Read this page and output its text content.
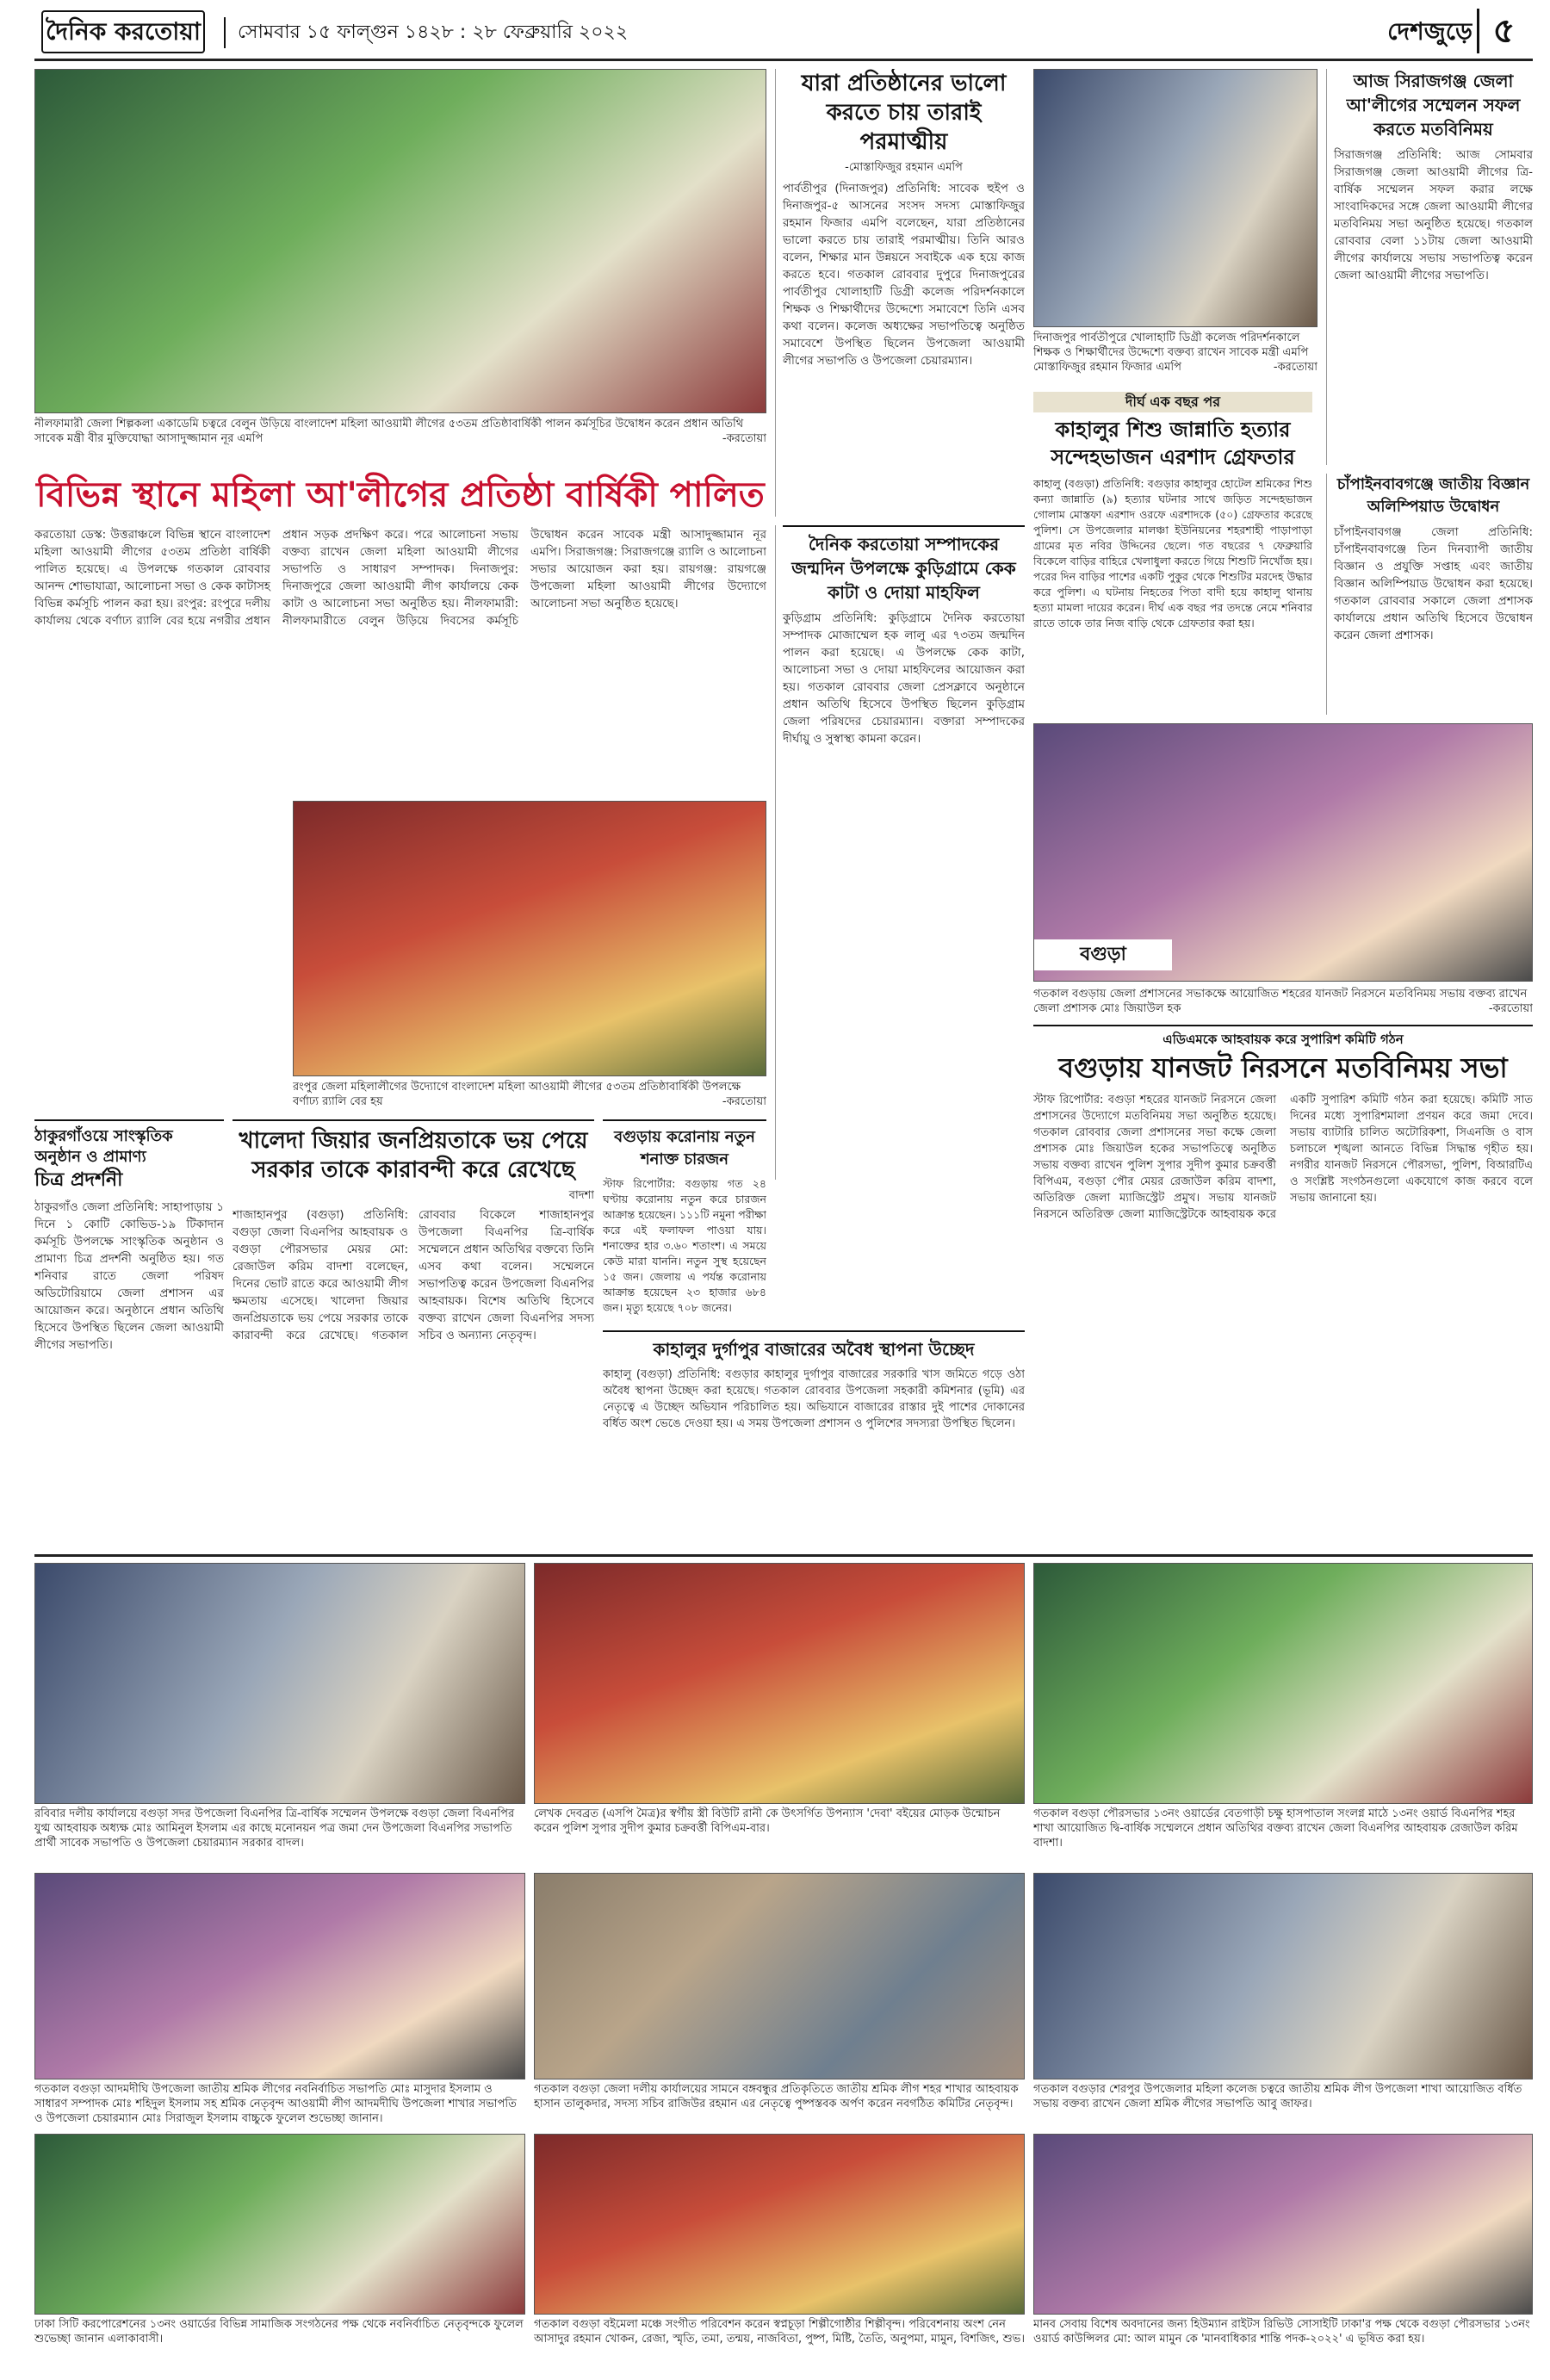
দৈনিক করতোয়া	সোমবার ১৫ ফাল্গুন ১৪২৮ : ২৮ ফেব্রুয়ারি ২০২২	দেশজুড়ে ৫
নীলফামারী জেলা শিল্পকলা একাডেমি চত্বরে বেলুন উড়িয়ে বাংলাদেশ মহিলা আওয়ামী লীগের ৫৩তম প্রতিষ্ঠাবার্ষিকী পালন কর্মসূচির উদ্বোধন করেন প্রধান অতিথি সাবেক মন্ত্রী বীর মুক্তিযোদ্ধা আসাদুজ্জামান নূর এমপি	-করতোয়া
যারা প্রতিষ্ঠানের ভালো করতে চায় তারাই পরমাত্মীয়
-মোস্তাফিজুর রহমান এমপি
পার্বতীপুর (দিনাজপুর) প্রতিনিধি: সাবেক হুইপ ও দিনাজপুর-৫ আসনের সংসদ সদস্য মোস্তাফিজুর রহমান ফিজার এমপি বলেছেন, যারা প্রতিষ্ঠানের ভালো করতে চায় তারাই পরমাত্মীয়। তিনি আরও বলেন, শিক্ষার মান উন্নয়নে সবাইকে এক হয়ে কাজ করতে হবে। গতকাল রোববার দুপুরে দিনাজপুরের পার্বতীপুর খোলাহাটি ডিগ্রী কলেজ পরিদর্শনকালে শিক্ষক ও শিক্ষার্থীদের উদ্দেশ্যে সমাবেশে তিনি এসব কথা বলেন। কলেজ অধ্যক্ষের সভাপতিত্বে অনুষ্ঠিত সমাবেশে উপস্থিত ছিলেন উপজেলা আওয়ামী লীগের সভাপতি ও উপজেলা চেয়ারম্যান।
দৈনিক করতোয়া সম্পাদকের জন্মদিন উপলক্ষে কুড়িগ্রামে কেক কাটা ও দোয়া মাহফিল
কুড়িগ্রাম প্রতিনিধি: কুড়িগ্রামে দৈনিক করতোয়া সম্পাদক মোজাম্মেল হক লালু এর ৭৩তম জন্মদিন পালন করা হয়েছে। এ উপলক্ষে কেক কাটা, আলোচনা সভা ও দোয়া মাহফিলের আয়োজন করা হয়। গতকাল রোববার জেলা প্রেসক্লাবে অনুষ্ঠানে প্রধান অতিথি হিসেবে উপস্থিত ছিলেন কুড়িগ্রাম জেলা পরিষদের চেয়ারম্যান। বক্তারা সম্পাদকের দীর্ঘায়ু ও সুস্বাস্থ্য কামনা করেন।
দিনাজপুর পার্বতীপুরে খোলাহাটি ডিগ্রী কলেজ পরিদর্শনকালে শিক্ষক ও শিক্ষার্থীদের উদ্দেশ্যে বক্তব্য রাখেন সাবেক মন্ত্রী এমপি মোস্তাফিজুর রহমান ফিজার এমপি	-করতোয়া
আজ সিরাজগঞ্জ জেলা আ'লীগের সম্মেলন সফল করতে মতবিনিময়
সিরাজগঞ্জ প্রতিনিধি: আজ সোমবার সিরাজগঞ্জ জেলা আওয়ামী লীগের ত্রি-বার্ষিক সম্মেলন সফল করার লক্ষে সাংবাদিকদের সঙ্গে জেলা আওয়ামী লীগের মতবিনিময় সভা অনুষ্ঠিত হয়েছে। গতকাল রোববার বেলা ১১টায় জেলা আওয়ামী লীগের কার্যালয়ে সভায় সভাপতিত্ব করেন জেলা আওয়ামী লীগের সভাপতি।
চাঁপাইনবাবগঞ্জে জাতীয় বিজ্ঞান অলিম্পিয়াড উদ্বোধন
চাঁপাইনবাবগঞ্জ জেলা প্রতিনিধি: চাঁপাইনবাবগঞ্জে তিন দিনব্যাপী জাতীয় বিজ্ঞান ও প্রযুক্তি সপ্তাহ এবং জাতীয় বিজ্ঞান অলিম্পিয়াড উদ্বোধন করা হয়েছে। গতকাল রোববার সকালে জেলা প্রশাসক কার্যালয়ে প্রধান অতিথি হিসেবে উদ্বোধন করেন জেলা প্রশাসক।
দীর্ঘ এক বছর পর
কাহালুর শিশু জান্নাতি হত্যার সন্দেহভাজন এরশাদ গ্রেফতার
কাহালু (বগুড়া) প্রতিনিধি: বগুড়ার কাহালুর হোটেল শ্রমিকের শিশু কন্যা জান্নাতি (৯) হত্যার ঘটনার সাথে জড়িত সন্দেহভাজন গোলাম মোস্তফা এরশাদ ওরফে এরশাদকে (৫০) গ্রেফতার করেছে পুলিশ। সে উপজেলার মালঞ্চা ইউনিয়নের শহরশাহী পাড়াপাড়া গ্রামের মৃত নবির উদ্দিনের ছেলে। গত বছরের ৭ ফেব্রুয়ারি বিকেলে বাড়ির বাহিরে খেলাধুলা করতে গিয়ে শিশুটি নিখোঁজ হয়। পরের দিন বাড়ির পাশের একটি পুকুর থেকে শিশুটির মরদেহ উদ্ধার করে পুলিশ। এ ঘটনায় নিহতের পিতা বাদী হয়ে কাহালু থানায় হত্যা মামলা দায়ের করেন। দীর্ঘ এক বছর পর তদন্তে নেমে শনিবার রাতে তাকে তার নিজ বাড়ি থেকে গ্রেফতার করা হয়।
বগুড়া
গতকাল বগুড়ায় জেলা প্রশাসনের সভাকক্ষে আয়োজিত শহরের যানজট নিরসনে মতবিনিময় সভায় বক্তব্য রাখেন জেলা প্রশাসক মোঃ জিয়াউল হক	-করতোয়া
এডিএমকে আহবায়ক করে সুপারিশ কমিটি গঠন
বগুড়ায় যানজট নিরসনে মতবিনিময় সভা
স্টাফ রিপোর্টার: বগুড়া শহরের যানজট নিরসনে জেলা প্রশাসনের উদ্যোগে মতবিনিময় সভা অনুষ্ঠিত হয়েছে। গতকাল রোববার জেলা প্রশাসনের সভা কক্ষে জেলা প্রশাসক মোঃ জিয়াউল হকের সভাপতিত্বে অনুষ্ঠিত সভায় বক্তব্য রাখেন পুলিশ সুপার সুদীপ কুমার চক্রবর্ত্তী বিপিএম, বগুড়া পৌর মেয়র রেজাউল করিম বাদশা, অতিরিক্ত জেলা ম্যাজিস্ট্রেট প্রমুখ। সভায় যানজট নিরসনে অতিরিক্ত জেলা ম্যাজিস্ট্রেটকে আহবায়ক করে একটি সুপারিশ কমিটি গঠন করা হয়েছে। কমিটি সাত দিনের মধ্যে সুপারিশমালা প্রণয়ন করে জমা দেবে। সভায় ব্যাটারি চালিত অটোরিকশা, সিএনজি ও বাস চলাচলে শৃঙ্খলা আনতে বিভিন্ন সিদ্ধান্ত গৃহীত হয়। নগরীর যানজট নিরসনে পৌরসভা, পুলিশ, বিআরটিএ ও সংশ্লিষ্ট সংগঠনগুলো একযোগে কাজ করবে বলে সভায় জানানো হয়।
বিভিন্ন স্থানে মহিলা আ'লীগের প্রতিষ্ঠা বার্ষিকী পালিত
করতোয়া ডেস্ক: উত্তরাঞ্চলে বিভিন্ন স্থানে বাংলাদেশ মহিলা আওয়ামী লীগের ৫৩তম প্রতিষ্ঠা বার্ষিকী পালিত হয়েছে। এ উপলক্ষে গতকাল রোববার আনন্দ শোভাযাত্রা, আলোচনা সভা ও কেক কাটাসহ বিভিন্ন কর্মসূচি পালন করা হয়। রংপুর: রংপুরে দলীয় কার্যালয় থেকে বর্ণাঢ্য র‌্যালি বের হয়ে নগরীর প্রধান প্রধান সড়ক প্রদক্ষিণ করে। পরে আলোচনা সভায় বক্তব্য রাখেন জেলা মহিলা আওয়ামী লীগের সভাপতি ও সাধারণ সম্পাদক। দিনাজপুর: দিনাজপুরে জেলা আওয়ামী লীগ কার্যালয়ে কেক কাটা ও আলোচনা সভা অনুষ্ঠিত হয়। নীলফামারী: নীলফামারীতে বেলুন উড়িয়ে দিবসের কর্মসূচি উদ্বোধন করেন সাবেক মন্ত্রী আসাদুজ্জামান নূর এমপি। সিরাজগঞ্জ: সিরাজগঞ্জে র‌্যালি ও আলোচনা সভার আয়োজন করা হয়। রায়গঞ্জ: রায়গঞ্জে উপজেলা মহিলা আওয়ামী লীগের উদ্যোগে আলোচনা সভা অনুষ্ঠিত হয়েছে।
রংপুর জেলা মহিলালীগের উদ্যোগে বাংলাদেশ মহিলা আওয়ামী লীগের ৫৩তম প্রতিষ্ঠাবার্ষিকী উপলক্ষে বর্ণাঢ্য র‌্যালি বের হয়	-করতোয়া
ঠাকুরগাঁওয়ে সাংস্কৃতিক
অনুষ্ঠান ও প্রামাণ্য
চিত্র প্রদর্শনী
ঠাকুরগাঁও জেলা প্রতিনিধি: সাহাপাড়ায় ১ দিনে ১ কোটি কোভিড-১৯ টিকাদান কর্মসূচি উপলক্ষে সাংস্কৃতিক অনুষ্ঠান ও প্রামাণ্য চিত্র প্রদর্শনী অনুষ্ঠিত হয়। গত শনিবার রাতে জেলা পরিষদ অডিটোরিয়ামে জেলা প্রশাসন এর আয়োজন করে। অনুষ্ঠানে প্রধান অতিথি হিসেবে উপস্থিত ছিলেন জেলা আওয়ামী লীগের সভাপতি।
খালেদা জিয়ার জনপ্রিয়তাকে ভয় পেয়ে সরকার তাকে কারাবন্দী করে রেখেছে
বাদশা
শাজাহানপুর (বগুড়া) প্রতিনিধি: বগুড়া জেলা বিএনপির আহবায়ক ও বগুড়া পৌরসভার মেয়র মো: রেজাউল করিম বাদশা বলেছেন, দিনের ভোট রাতে করে আওয়ামী লীগ ক্ষমতায় এসেছে। খালেদা জিয়ার জনপ্রিয়তাকে ভয় পেয়ে সরকার তাকে কারাবন্দী করে রেখেছে। গতকাল রোববার বিকেলে শাজাহানপুর উপজেলা বিএনপির ত্রি-বার্ষিক সম্মেলনে প্রধান অতিথির বক্তব্যে তিনি এসব কথা বলেন। সম্মেলনে সভাপতিত্ব করেন উপজেলা বিএনপির আহবায়ক। বিশেষ অতিথি হিসেবে বক্তব্য রাখেন জেলা বিএনপির সদস্য সচিব ও অন্যান্য নেতৃবৃন্দ।
বগুড়ায় করোনায় নতুন শনাক্ত চারজন
স্টাফ রিপোর্টার: বগুড়ায় গত ২৪ ঘণ্টায় করোনায় নতুন করে চারজন আক্রান্ত হয়েছেন। ১১১টি নমুনা পরীক্ষা করে এই ফলাফল পাওয়া যায়। শনাক্তের হার ৩.৬০ শতাংশ। এ সময়ে কেউ মারা যাননি। নতুন সুস্থ হয়েছেন ১৫ জন। জেলায় এ পর্যন্ত করোনায় আক্রান্ত হয়েছেন ২৩ হাজার ৬৮৪ জন। মৃত্যু হয়েছে ৭০৮ জনের।
কাহালুর দুর্গাপুর বাজারের অবৈধ স্থাপনা উচ্ছেদ
কাহালু (বগুড়া) প্রতিনিধি: বগুড়ার কাহালুর দুর্গাপুর বাজারের সরকারি খাস জমিতে গড়ে ওঠা অবৈধ স্থাপনা উচ্ছেদ করা হয়েছে। গতকাল রোববার উপজেলা সহকারী কমিশনার (ভূমি) এর নেতৃত্বে এ উচ্ছেদ অভিযান পরিচালিত হয়। অভিযানে বাজারের রাস্তার দুই পাশের দোকানের বর্ধিত অংশ ভেঙে দেওয়া হয়। এ সময় উপজেলা প্রশাসন ও পুলিশের সদস্যরা উপস্থিত ছিলেন।
রবিবার দলীয় কার্যালয়ে বগুড়া সদর উপজেলা বিএনপির ত্রি-বার্ষিক সম্মেলন উপলক্ষে বগুড়া জেলা বিএনপির যুগ্ম আহবায়ক অধ্যক্ষ মোঃ আমিনুল ইসলাম এর কাছে মনোনয়ন পত্র জমা দেন উপজেলা বিএনপির সভাপতি প্রার্থী সাবেক সভাপতি ও উপজেলা চেয়ারম্যান সরকার বাদল।
লেখক দেবব্রত (এসপি মৈত্র)র স্বর্গীয় স্ত্রী বিউটি রানী কে উৎসর্গিত উপন্যাস 'দেবা' বইয়ের মোড়ক উন্মোচন করেন পুলিশ সুপার সুদীপ কুমার চক্রবর্ত্তী বিপিএম-বার।
গতকাল বগুড়া পৌরসভার ১৩নং ওয়ার্ডের বেতগাড়ী চক্ষু হাসপাতাল সংলগ্ন মাঠে ১৩নং ওয়ার্ড বিএনপির শহর শাখা আয়োজিত দ্বি-বার্ষিক সম্মেলনে প্রধান অতিথির বক্তব্য রাখেন জেলা বিএনপির আহবায়ক রেজাউল করিম বাদশা।
গতকাল বগুড়া আদমদীঘি উপজেলা জাতীয় শ্রমিক লীগের নবনির্বাচিত সভাপতি মোঃ মাসুদার ইসলাম ও সাধারণ সম্পাদক মোঃ শহিদুল ইসলাম সহ শ্রমিক নেতৃবৃন্দ আওয়ামী লীগ আদমদীঘি উপজেলা শাখার সভাপতি ও উপজেলা চেয়ারম্যান মোঃ সিরাজুল ইসলাম বাচ্চুকে ফুলেল শুভেচ্ছা জানান।
গতকাল বগুড়া জেলা দলীয় কার্যালয়ের সামনে বঙ্গবন্ধুর প্রতিকৃতিতে জাতীয় শ্রমিক লীগ শহর শাখার আহবায়ক হাসান তালুকদার, সদস্য সচিব রাজিউর রহমান এর নেতৃত্বে পুষ্পস্তবক অর্পণ করেন নবগঠিত কমিটির নেতৃবৃন্দ।
গতকাল বগুড়ার শেরপুর উপজেলার মহিলা কলেজ চত্বরে জাতীয় শ্রমিক লীগ উপজেলা শাখা আয়োজিত বর্ধিত সভায় বক্তব্য রাখেন জেলা শ্রমিক লীগের সভাপতি আবু জাফর।
ঢাকা সিটি করপোরেশনের ১৩নং ওয়ার্ডের বিভিন্ন সামাজিক সংগঠনের পক্ষ থেকে নবনির্বাচিত নেতৃবৃন্দকে ফুলেল শুভেচ্ছা জানান এলাকাবাসী।
গতকাল বগুড়া বইমেলা মঞ্চে সংগীত পরিবেশন করেন স্বপ্নচূড়া শিল্পীগোষ্ঠীর শিল্পীবৃন্দ। পরিবেশনায় অংশ নেন আসাদুর রহমান খোকন, রেজা, স্মৃতি, তমা, তন্ময়, নাজবিতা, পুষ্প, মিষ্টি, তৈতি, অনুপমা, মামুন, বিশজিৎ, শুভ।
মানব সেবায় বিশেষ অবদানের জন্য হিউম্যান রাইটস রিভিউ সোসাইটি ঢাকা'র পক্ষ থেকে বগুড়া পৌরসভার ১৩নং ওয়ার্ড কাউন্সিলর মো: আল মামুন কে 'মানবাধিকার শান্তি পদক-২০২২' এ ভূষিত করা হয়।
